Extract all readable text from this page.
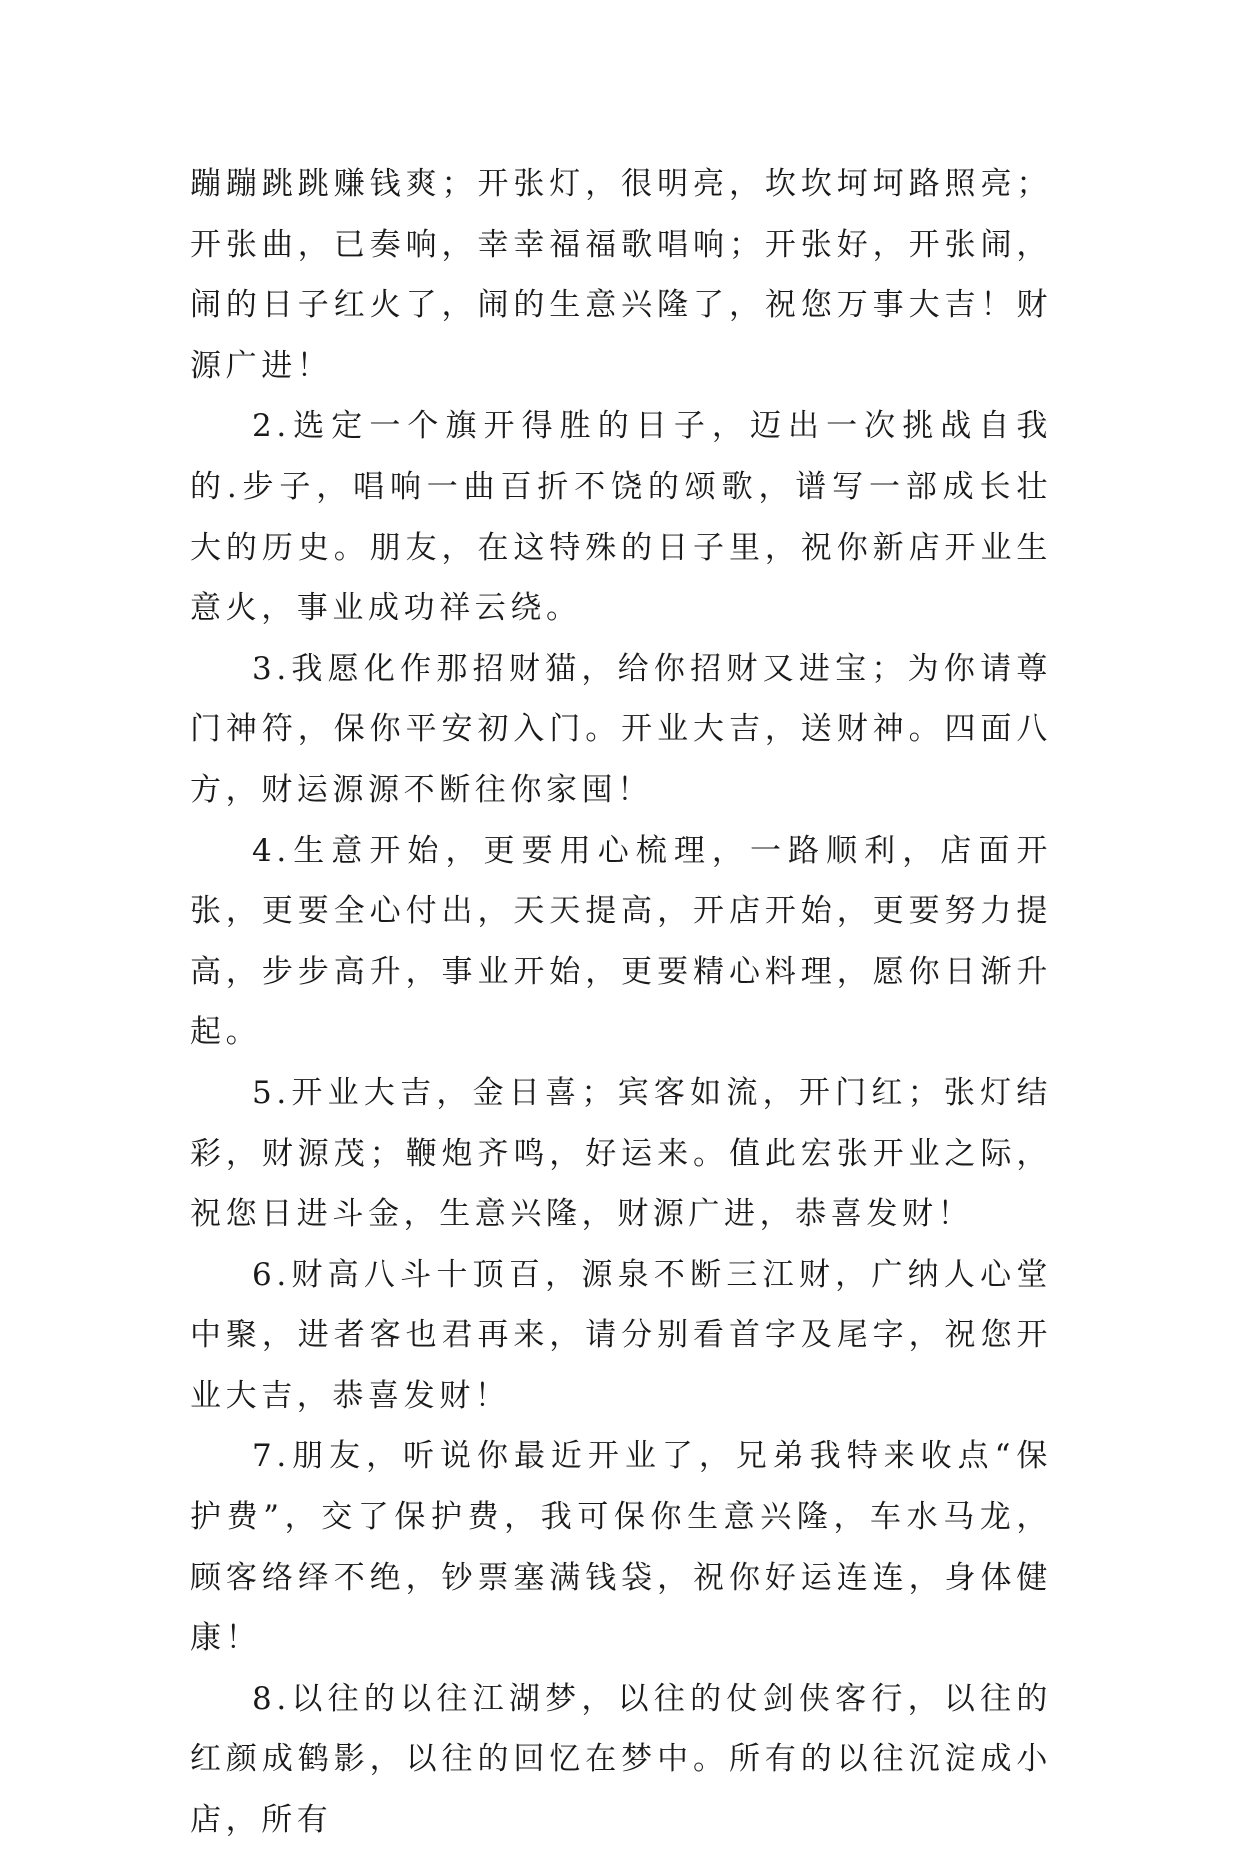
蹦蹦跳跳赚钱爽；开张灯，很明亮，坎坎坷坷路照亮；开张曲，已奏响，幸幸福福歌唱响；开张好，开张闹，闹的日子红火了，闹的生意兴隆了，祝您万事大吉！财源广进！

2.选定一个旗开得胜的日子，迈出一次挑战自我的.步子，唱响一曲百折不饶的颂歌，谱写一部成长壮大的历史。朋友，在这特殊的日子里，祝你新店开业生意火，事业成功祥云绕。

3.我愿化作那招财猫，给你招财又进宝；为你请尊门神符，保你平安初入门。开业大吉，送财神。四面八方，财运源源不断往你家囤！

4.生意开始，更要用心梳理，一路顺利，店面开张，更要全心付出，天天提高，开店开始，更要努力提高，步步高升，事业开始，更要精心料理，愿你日渐升起。

5.开业大吉，金日喜；宾客如流，开门红；张灯结彩，财源茂；鞭炮齐鸣，好运来。值此宏张开业之际，祝您日进斗金，生意兴隆，财源广进，恭喜发财！

6.财高八斗十顶百，源泉不断三江财，广纳人心堂中聚，进者客也君再来，请分别看首字及尾字，祝您开业大吉，恭喜发财！

7.朋友，听说你最近开业了，兄弟我特来收点“保护费”，交了保护费，我可保你生意兴隆，车水马龙，顾客络绎不绝，钞票塞满钱袋，祝你好运连连，身体健康！

8.以往的以往江湖梦，以往的仗剑侠客行，以往的红颜成鹤影，以往的回忆在梦中。所有的以往沉淀成小店，所有
